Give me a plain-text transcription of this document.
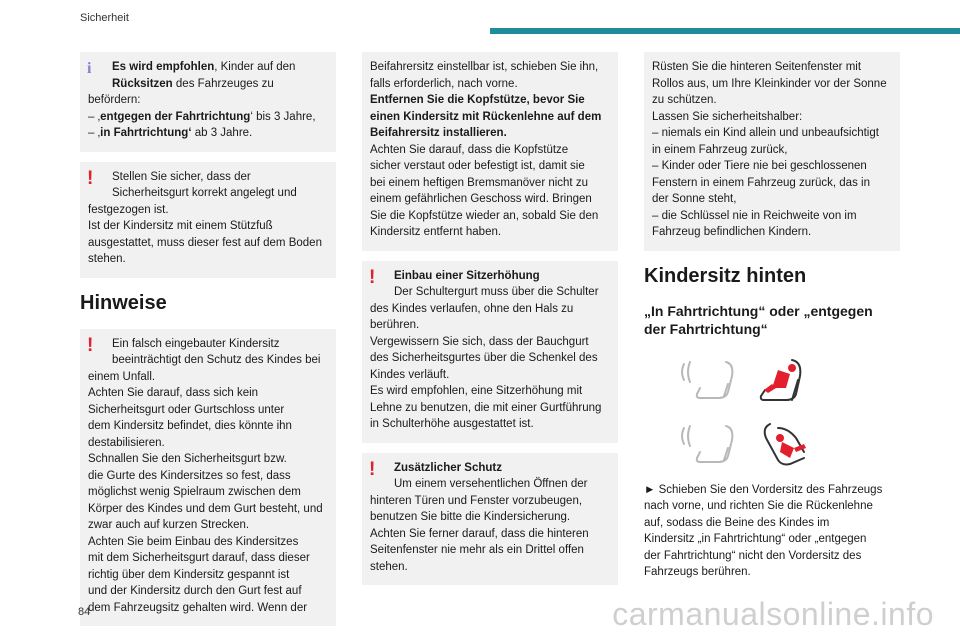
Sicherheit
i	Es wird empfohlen, Kinder auf den

Rücksitzen des Fahrzeuges zu

befördern:

– ‚entgegen der Fahrtrichtung‘ bis 3 Jahre,

– ‚in Fahrtrichtung‘ ab 3 Jahre.

!	Stellen Sie sicher, dass der

Sicherheitsgurt korrekt angelegt und

festgezogen ist.

Ist der Kindersitz mit einem Stützfuß

ausgestattet, muss dieser fest auf dem Boden

stehen.

Hinweise
!	Ein falsch eingebauter Kindersitz

beeinträchtigt den Schutz des Kindes bei

einem Unfall.

Achten Sie darauf, dass sich kein

Sicherheitsgurt oder Gurtschloss unter

dem Kindersitz befindet, dies könnte ihn

destabilisieren.

Schnallen Sie den Sicherheitsgurt bzw.

die Gurte des Kindersitzes so fest, dass

möglichst wenig Spielraum zwischen dem

Körper des Kindes und dem Gurt besteht, und

zwar auch auf kurzen Strecken.

Achten Sie beim Einbau des Kindersitzes

mit dem Sicherheitsgurt darauf, dass dieser

richtig über dem Kindersitz gespannt ist

und der Kindersitz durch den Gurt fest auf

dem Fahrzeugsitz gehalten wird. Wenn der

Beifahrersitz einstellbar ist, schieben Sie ihn,

falls erforderlich, nach vorne.

Entfernen Sie die Kopfstütze, bevor Sie

einen Kindersitz mit Rückenlehne auf dem

Beifahrersitz installieren.

Achten Sie darauf, dass die Kopfstütze

sicher verstaut oder befestigt ist, damit sie

bei einem heftigen Bremsmanöver nicht zu

einem gefährlichen Geschoss wird. Bringen

Sie die Kopfstütze wieder an, sobald Sie den

Kindersitz entfernt haben.

!	Einbau einer Sitzerhöhung

Der Schultergurt muss über die Schulter

des Kindes verlaufen, ohne den Hals zu

berühren.

Vergewissern Sie sich, dass der Bauchgurt

des Sicherheitsgurtes über die Schenkel des

Kindes verläuft.

Es wird empfohlen, eine Sitzerhöhung mit

Lehne zu benutzen, die mit einer Gurtführung

in Schulterhöhe ausgestattet ist.

!	Zusätzlicher Schutz

Um einem versehentlichen Öffnen der

hinteren Türen und Fenster vorzubeugen,

benutzen Sie bitte die Kindersicherung.

Achten Sie ferner darauf, dass die hinteren

Seitenfenster nie mehr als ein Drittel offen

stehen.

Rüsten Sie die hinteren Seitenfenster mit

Rollos aus, um Ihre Kleinkinder vor der Sonne

zu schützen.

Lassen Sie sicherheitshalber:

– niemals ein Kind allein und unbeaufsichtigt

in einem Fahrzeug zurück,

– Kinder oder Tiere nie bei geschlossenen

Fenstern in einem Fahrzeug zurück, das in

der Sonne steht,

– die Schlüssel nie in Reichweite von im

Fahrzeug befindlichen Kindern.

Kindersitz hinten
„In Fahrtrichtung“ oder „entgegen
der Fahrtrichtung“

► Schieben Sie den Vordersitz des Fahrzeugs

nach vorne, und richten Sie die Rückenlehne

auf, sodass die Beine des Kindes im

Kindersitz „in Fahrtrichtung“ oder „entgegen

der Fahrtrichtung“ nicht den Vordersitz des

Fahrzeugs berühren.

84	carmanualsonline.info
